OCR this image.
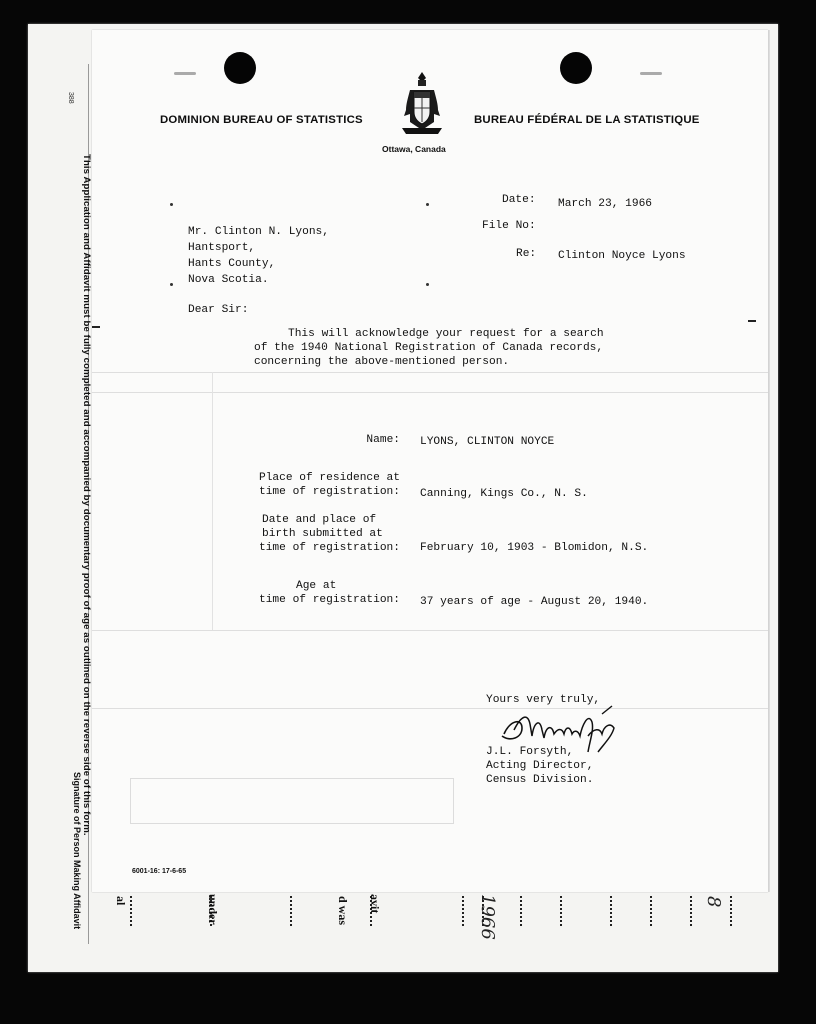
388
This Application and Affidavit must be fully completed and accompanied by documentary proof of age as outlined on the reverse side of this form.
Signature of Person Making Affidavit	al	under	d was avit	1966	8
DOMINION BUREAU OF STATISTICS	BUREAU FÉDÉRAL DE LA STATISTIQUE
Ottawa, Canada
Date: March 23, 1966
File No:
Re: Clinton Noyce Lyons
Mr. Clinton N. Lyons,
Hantsport,
Hants County,
Nova Scotia.
Dear Sir:
This will acknowledge your request for a search
of the 1940 National Registration of Canada records,
concerning the above-mentioned person.
Name: LYONS, CLINTON NOYCE
Place of residence at
time of registration: Canning, Kings Co., N. S.
Date and place of
birth submitted at
time of registration: February 10, 1903 - Blomidon, N.S.
Age at
time of registration: 37 years of age - August 20, 1940.
Yours very truly,
J.L. Forsyth,
Acting Director,
Census Division.
6001-16: 17-6-65
